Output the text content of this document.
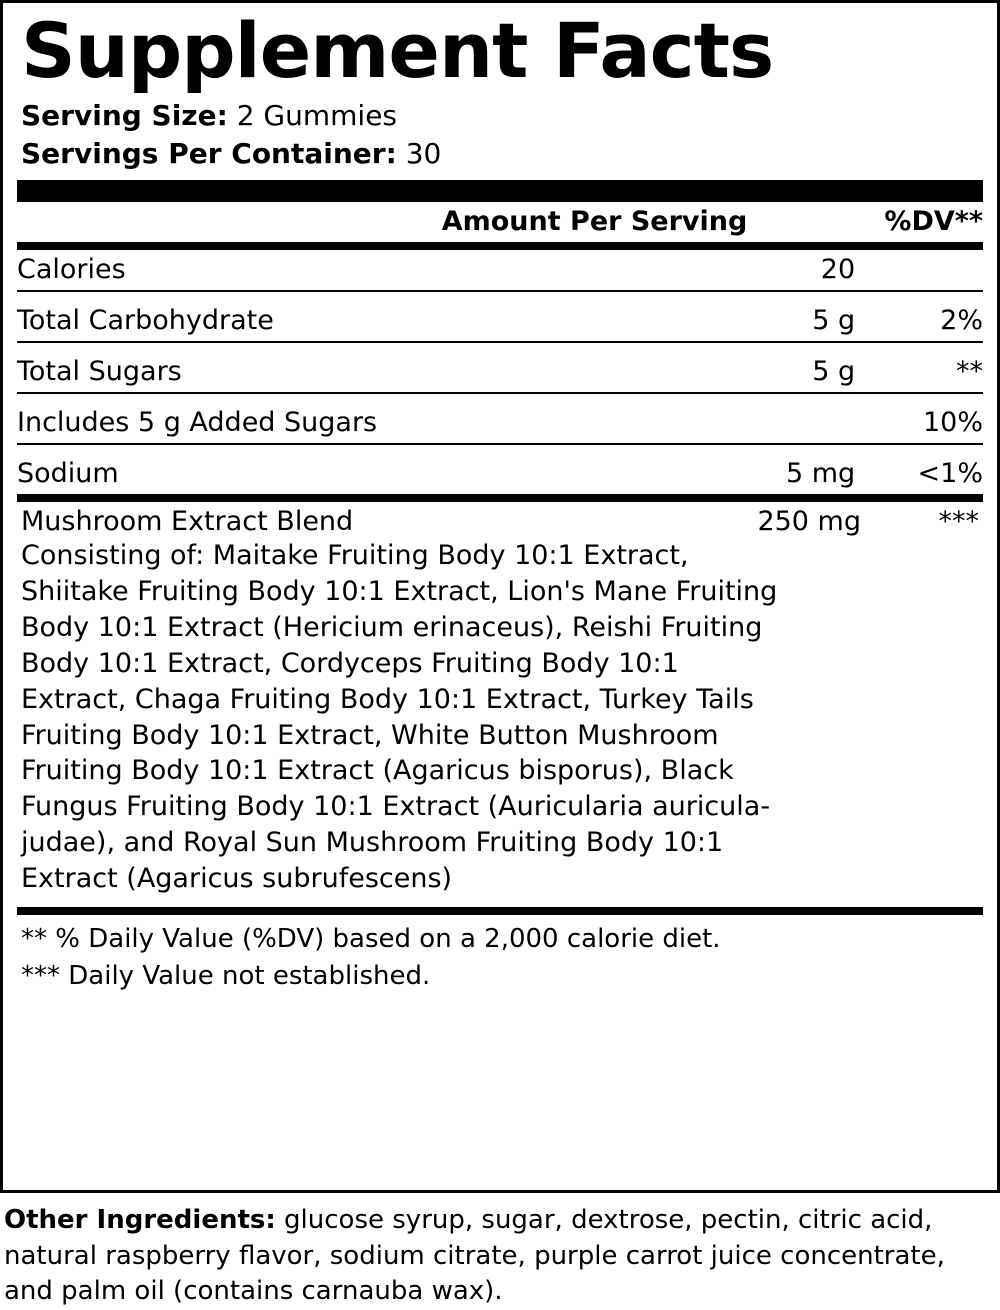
Supplement Facts
Serving Size: 2 Gummies
Servings Per Container: 30
	Amount Per Serving	%DV**
Calories	20	

Total Carbohydrate	5 g	2%

Total Sugars	5 g	**

Includes 5 g Added Sugars		10%

Sodium	5 mg	<1%
Mushroom Extract Blend	250 mg	***
Consisting of: Maitake Fruiting Body 10:1 Extract, Shiitake Fruiting Body 10:1 Extract, Lion's Mane Fruiting Body 10:1 Extract (Hericium erinaceus), Reishi Fruiting Body 10:1 Extract, Cordyceps Fruiting Body 10:1 Extract, Chaga Fruiting Body 10:1 Extract, Turkey Tails Fruiting Body 10:1 Extract, White Button Mushroom Fruiting Body 10:1 Extract (Agaricus bisporus), Black Fungus Fruiting Body 10:1 Extract (Auricularia auricula-judae), and Royal Sun Mushroom Fruiting Body 10:1 Extract (Agaricus subrufescens)
** % Daily Value (%DV) based on a 2,000 calorie diet.
*** Daily Value not established.
Other Ingredients: glucose syrup, sugar, dextrose, pectin, citric acid, natural raspberry flavor, sodium citrate, purple carrot juice concentrate, and palm oil (contains carnauba wax).
